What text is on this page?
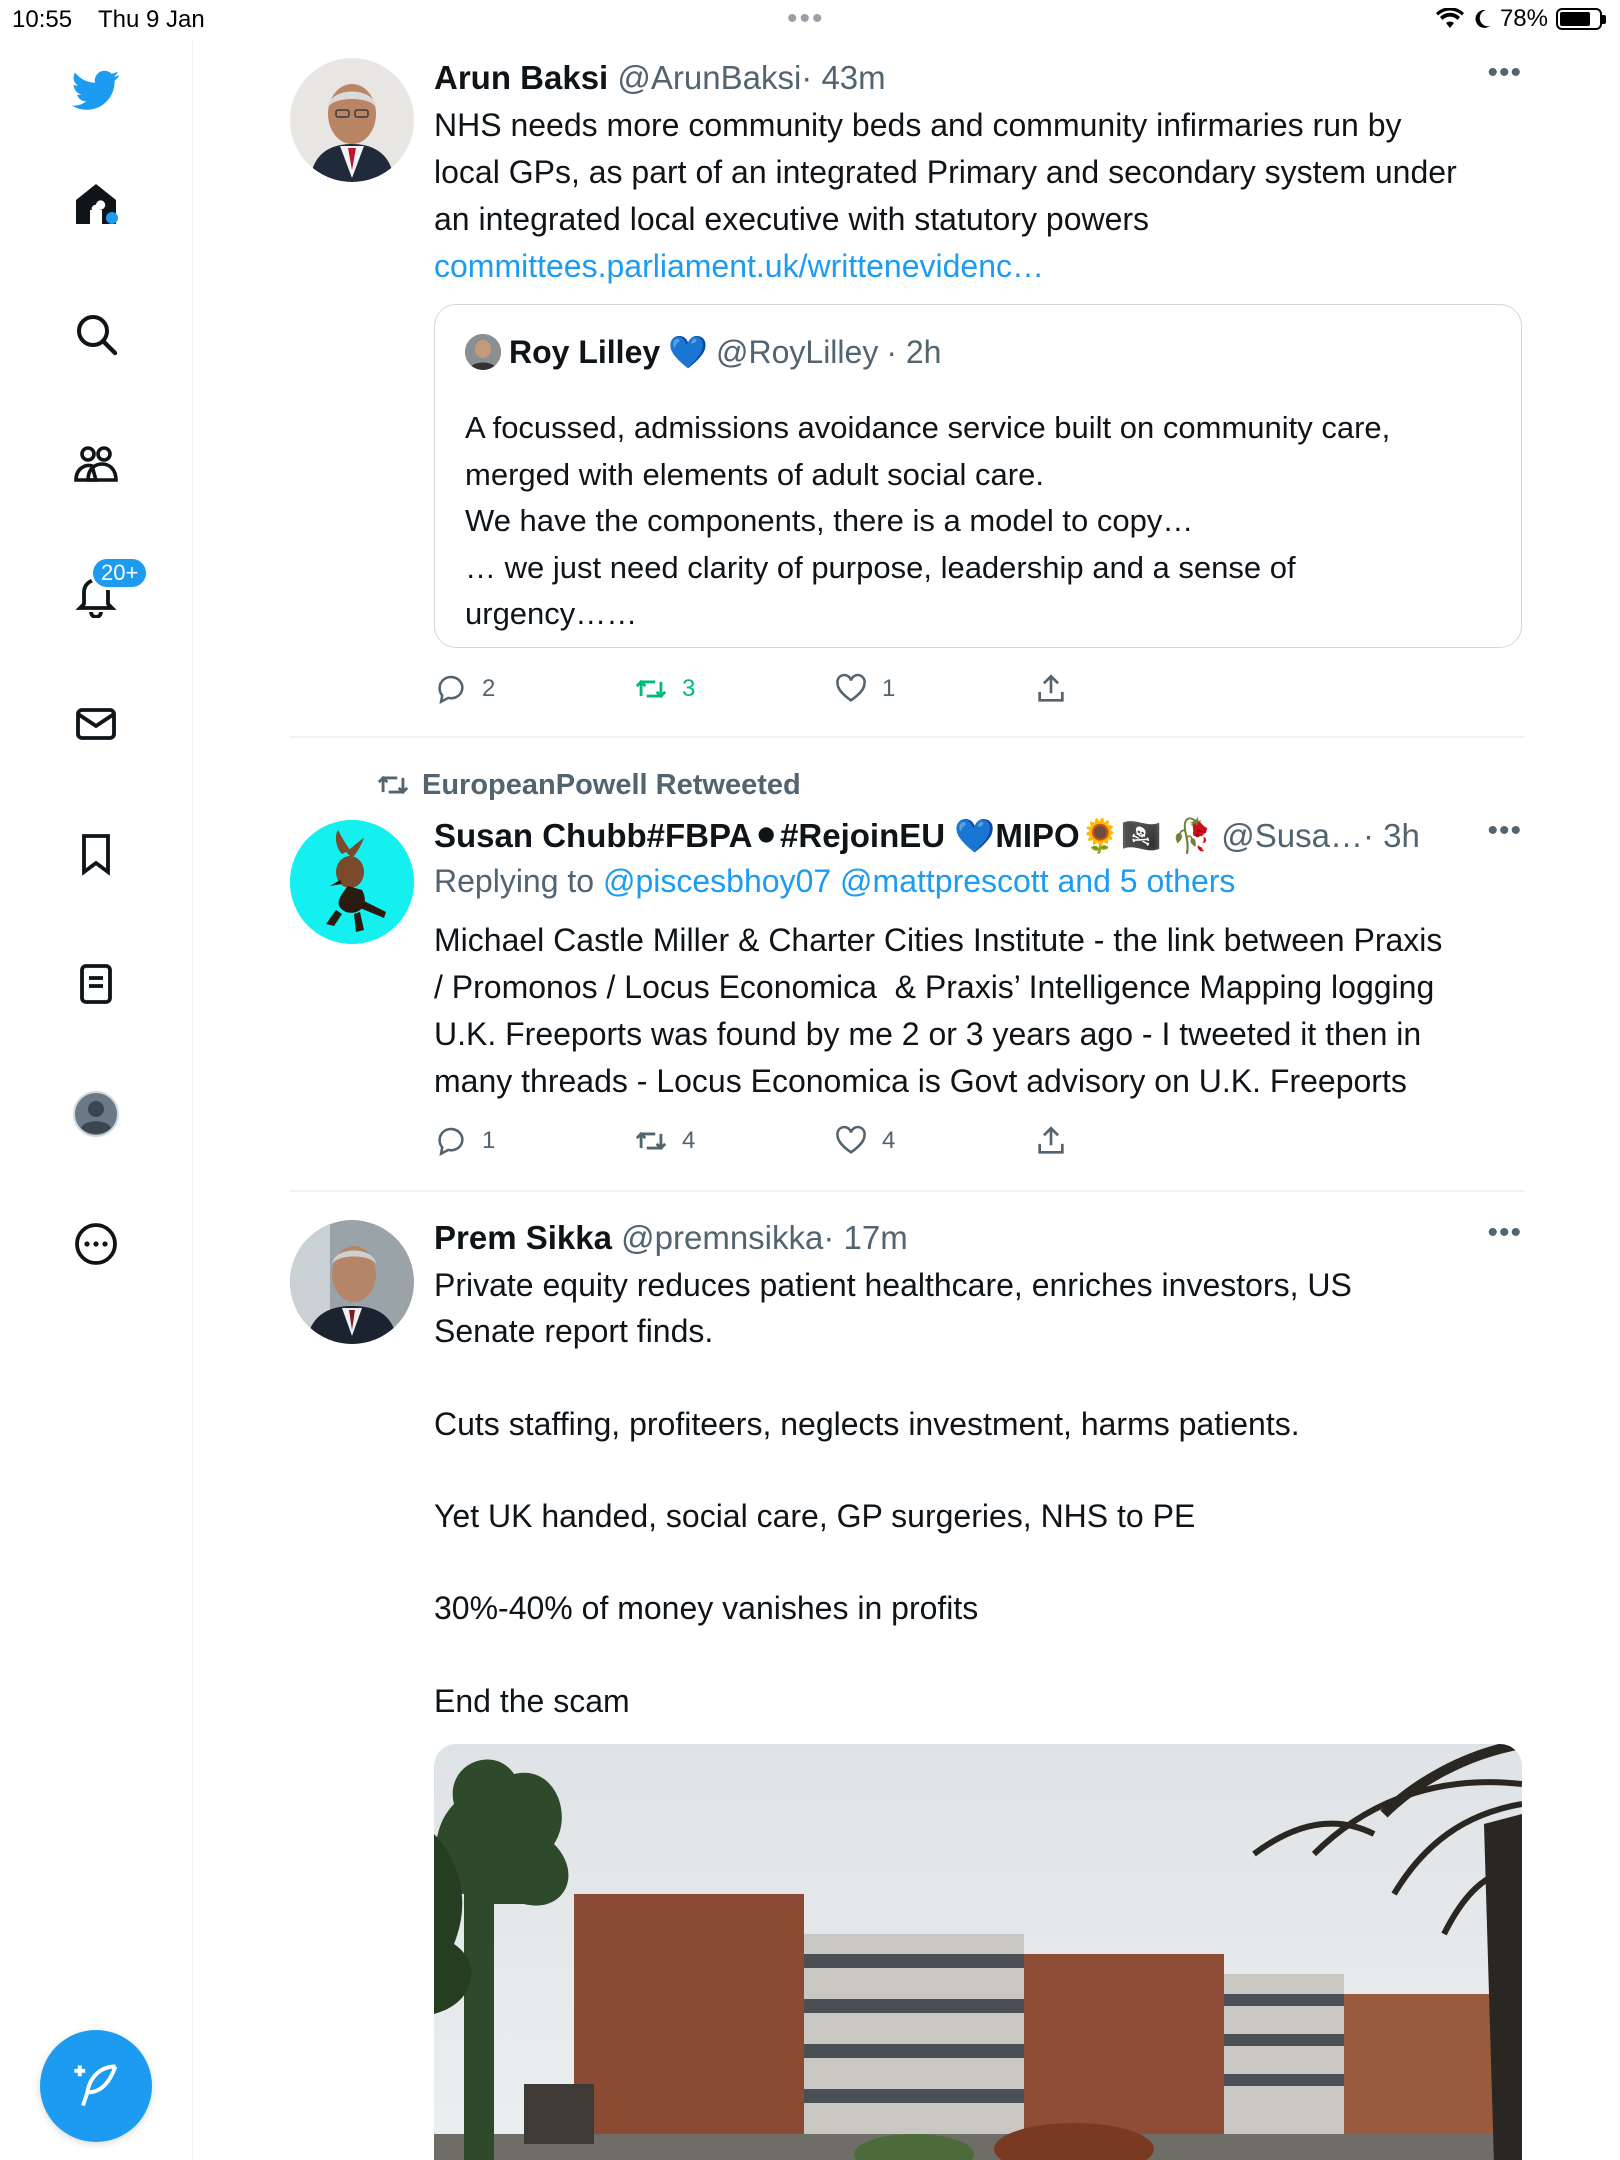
10:55 Thu 9 Jan	•••	78%
20+
Arun Baksi @ArunBaksi· 43m	•••
NHS needs more community beds and community infirmaries run by
local GPs, as part of an integrated Primary and secondary system under
an integrated local executive with statutory powers
committees.parliament.uk/writtenevidenc…
Roy Lilley 💙 @RoyLilley · 2h
A focussed, admissions avoidance service built on community care,
merged with elements of adult social care.
We have the components, there is a model to copy…
… we just need clarity of purpose, leadership and a sense of
urgency……
2	3	1
EuropeanPowell Retweeted
Susan Chubb#FBPA⚫#RejoinEU 💙MIPO🌻🏴‍☠️ 🥀 @Susa…· 3h	•••
Replying to @piscesbhoy07 @mattprescott and 5 others
Michael Castle Miller & Charter Cities Institute - the link between Praxis
/ Promonos / Locus Economica  & Praxis’ Intelligence Mapping logging
U.K. Freeports was found by me 2 or 3 years ago - I tweeted it then in
many threads - Locus Economica is Govt advisory on U.K. Freeports
1	4	4
Prem Sikka @premnsikka· 17m	•••
Private equity reduces patient healthcare, enriches investors, US
Senate report finds.

Cuts staffing, profiteers, neglects investment, harms patients.

Yet UK handed, social care, GP surgeries, NHS to PE

30%-40% of money vanishes in profits

End the scam
